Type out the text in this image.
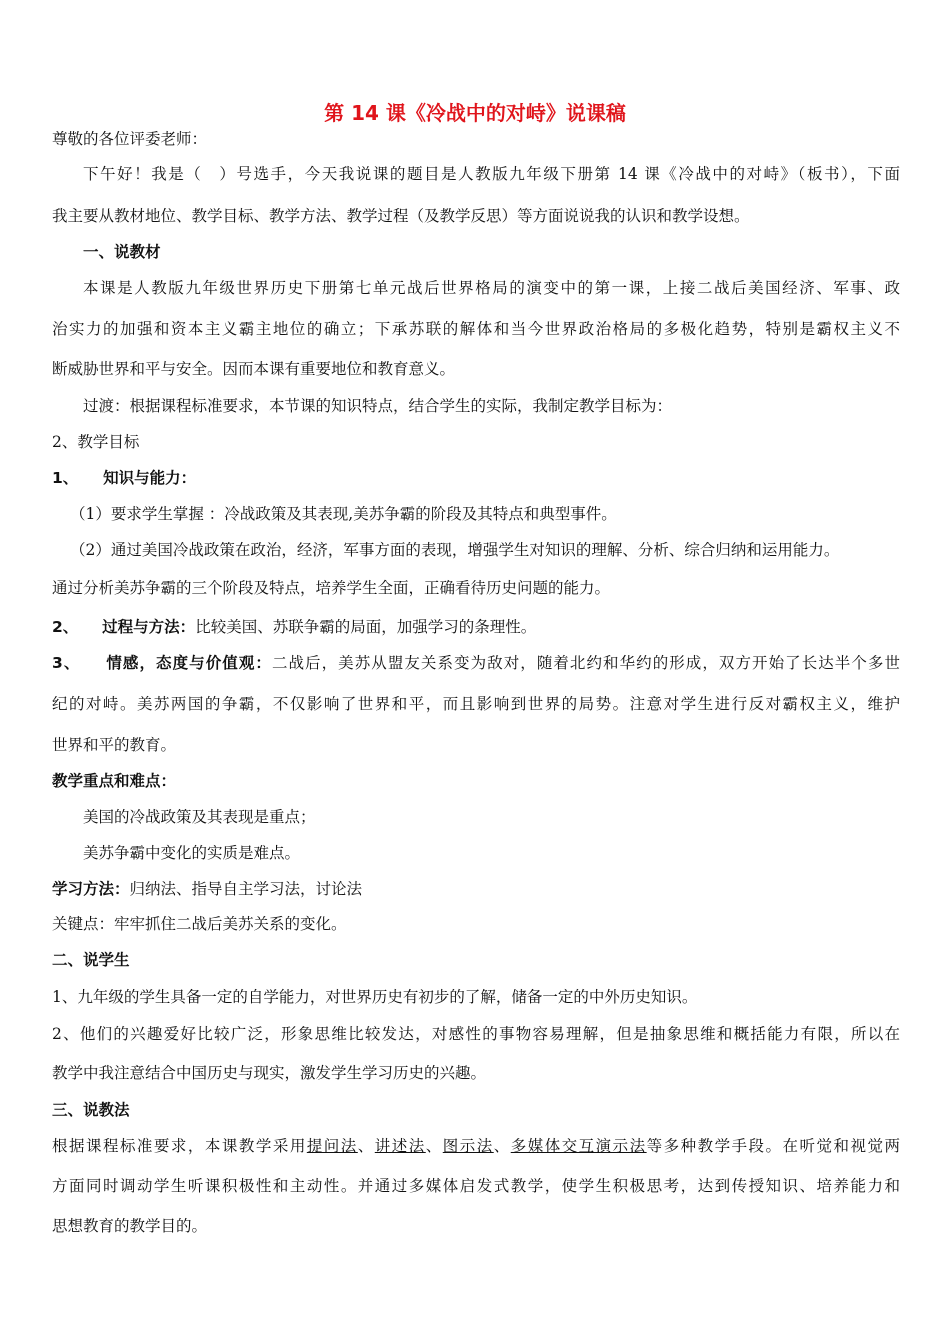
第 14 课《冷战中的对峙》说课稿
尊敬的各位评委老师：
下午好！我是（　）号选手，今天我说课的题目是人教版九年级下册第 14 课《冷战中的对峙》（板书），下面
我主要从教材地位、教学目标、教学方法、教学过程（及教学反思）等方面说说我的认识和教学设想。
一、说教材
本课是人教版九年级世界历史下册第七单元战后世界格局的演变中的第一课，上接二战后美国经济、军事、政
治实力的加强和资本主义霸主地位的确立；下承苏联的解体和当今世界政治格局的多极化趋势，特别是霸权主义不
断威胁世界和平与安全。因而本课有重要地位和教育意义。
过渡：根据课程标准要求，本节课的知识特点，结合学生的实际，我制定教学目标为：
2、教学目标
1、 知识与能力：
（1）要求学生掌握 ：冷战政策及其表现,美苏争霸的阶段及其特点和典型事件。
（2）通过美国冷战政策在政治，经济，军事方面的表现，增强学生对知识的理解、分析、综合归纳和运用能力。
通过分析美苏争霸的三个阶段及特点，培养学生全面，正确看待历史问题的能力。
2、 过程与方法：比较美国、苏联争霸的局面，加强学习的条理性。
3、 情感，态度与价值观：二战后，美苏从盟友关系变为敌对，随着北约和华约的形成，双方开始了长达半个多世
纪的对峙。美苏两国的争霸，不仅影响了世界和平，而且影响到世界的局势。注意对学生进行反对霸权主义，维护
世界和平的教育。
教学重点和难点：
美国的冷战政策及其表现是重点；
美苏争霸中变化的实质是难点。
学习方法：归纳法、指导自主学习法，讨论法
关键点：牢牢抓住二战后美苏关系的变化。
二、说学生
1、九年级的学生具备一定的自学能力，对世界历史有初步的了解，储备一定的中外历史知识。
2、他们的兴趣爱好比较广泛，形象思维比较发达，对感性的事物容易理解，但是抽象思维和概括能力有限，所以在
教学中我注意结合中国历史与现实，激发学生学习历史的兴趣。
三、说教法
根据课程标准要求，本课教学采用提问法、讲述法、图示法、多媒体交互演示法等多种教学手段。在听觉和视觉两
方面同时调动学生听课积极性和主动性。并通过多媒体启发式教学，使学生积极思考，达到传授知识、培养能力和
思想教育的教学目的。
